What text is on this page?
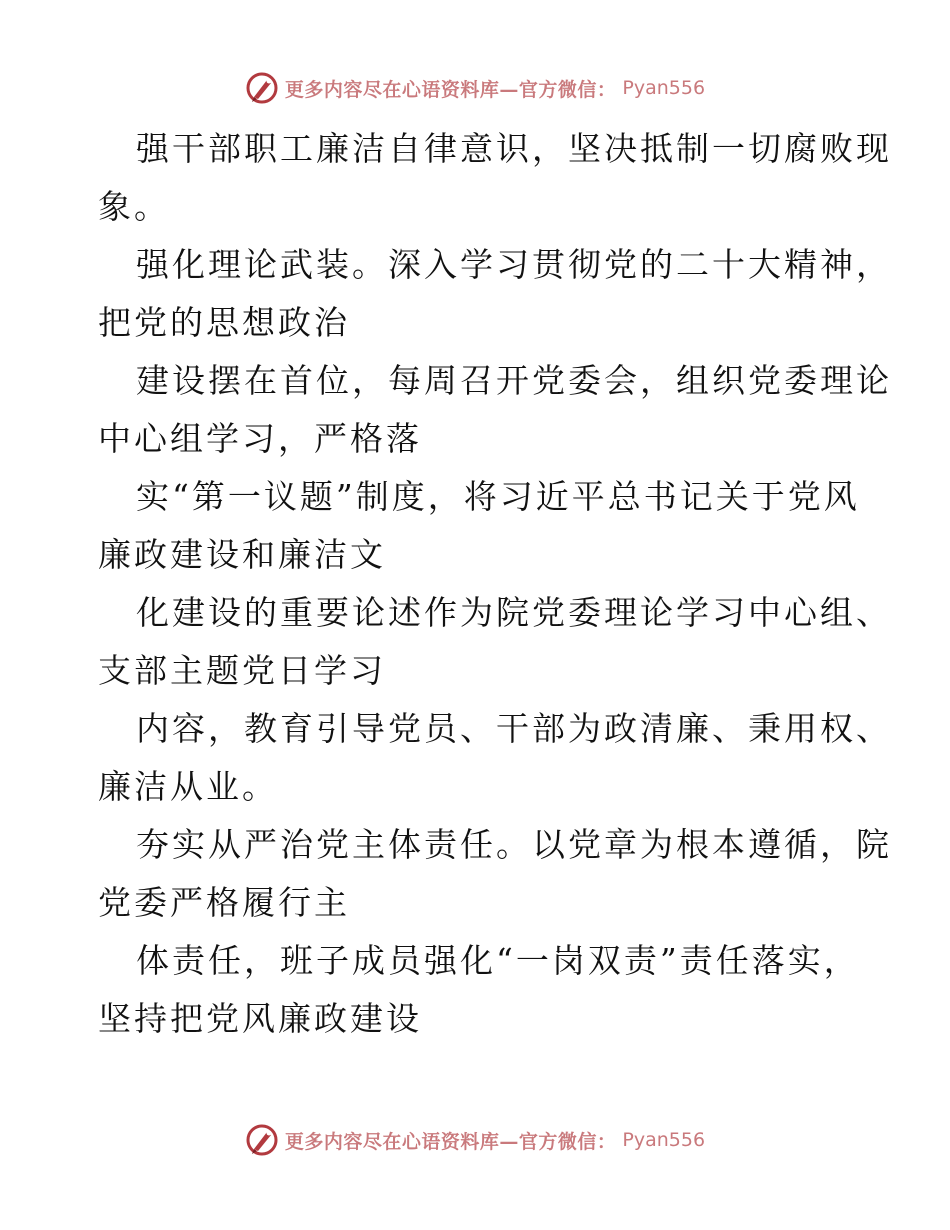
更多内容尽在心语资料库—官方微信： Pyan556

强干部职工廉洁自律意识，坚决抵制一切腐败现
象。

强化理论武装。深入学习贯彻党的二十大精神，
把党的思想政治

建设摆在首位，每周召开党委会，组织党委理论
中心组学习，严格落

实“第一议题”制度，将习近平总书记关于党风
廉政建设和廉洁文

化建设的重要论述作为院党委理论学习中心组、
支部主题党日学习

内容，教育引导党员、干部为政清廉、秉用权、
廉洁从业。

夯实从严治党主体责任。以党章为根本遵循，院
党委严格履行主

体责任，班子成员强化“一岗双责”责任落实，
坚持把党风廉政建设

更多内容尽在心语资料库—官方微信： Pyan556
